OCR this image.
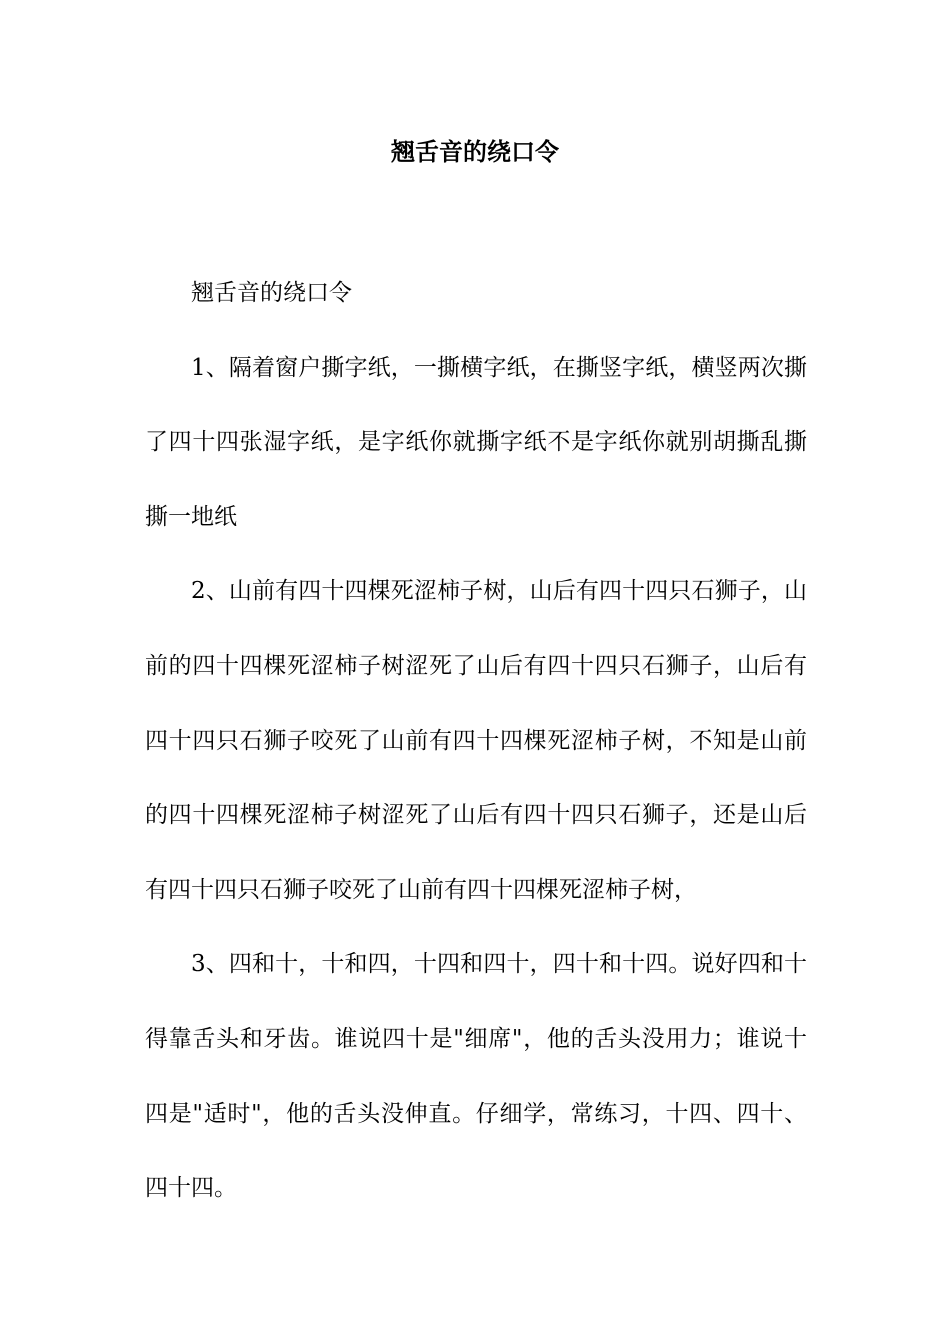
翘舌音的绕口令

翘舌音的绕口令

1、隔着窗户撕字纸，一撕横字纸，在撕竖字纸，横竖两次撕了四十四张湿字纸，是字纸你就撕字纸不是字纸你就别胡撕乱撕撕一地纸

2、山前有四十四棵死涩柿子树，山后有四十四只石狮子，山前的四十四棵死涩柿子树涩死了山后有四十四只石狮子，山后有四十四只石狮子咬死了山前有四十四棵死涩柿子树，不知是山前的四十四棵死涩柿子树涩死了山后有四十四只石狮子，还是山后有四十四只石狮子咬死了山前有四十四棵死涩柿子树，

3、四和十，十和四，十四和四十，四十和十四。说好四和十得靠舌头和牙齿。谁说四十是"细席"，他的舌头没用力；谁说十四是"适时"，他的舌头没伸直。仔细学，常练习，十四、四十、四十四。
